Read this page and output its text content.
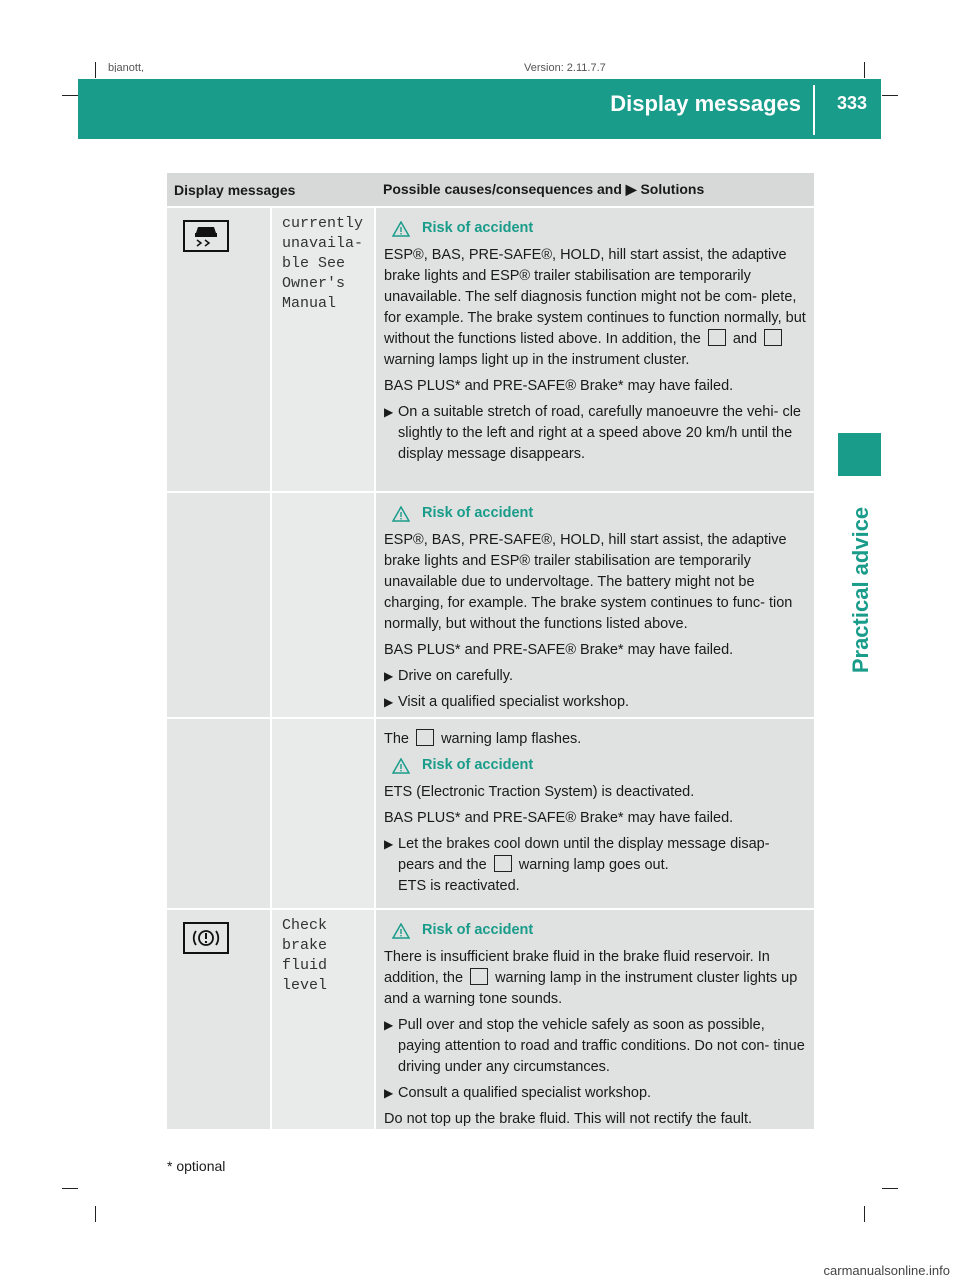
bjanott,	Version: 2.11.7.7
Display messages 333
Practical advice
Display messages	Possible causes/consequences and ▶ Solutions
currently
unavaila‐
ble See
Owner's
Manual
Risk of accident

ESP®, BAS, PRE-SAFE®, HOLD, hill start assist, the adaptive brake lights and ESP® trailer stabilisation are temporarily unavailable. The self diagnosis function might not be com- plete, for example. The brake system continues to function normally, but without the functions listed above. In addition, the and  warning lamps light up in the instrument cluster.

BAS PLUS* and PRE-SAFE® Brake* may have failed.

▶ On a suitable stretch of road, carefully manoeuvre the vehi- cle slightly to the left and right at a speed above 20 km/h until the display message disappears.
Risk of accident

ESP®, BAS, PRE-SAFE®, HOLD, hill start assist, the adaptive brake lights and ESP® trailer stabilisation are temporarily unavailable due to undervoltage. The battery might not be charging, for example. The brake system continues to func- tion normally, but without the functions listed above.

BAS PLUS* and PRE-SAFE® Brake* may have failed.

▶ Drive on carefully.
▶ Visit a qualified specialist workshop.

The warning lamp flashes.

Risk of accident

ETS (Electronic Traction System) is deactivated.

BAS PLUS* and PRE-SAFE® Brake* may have failed.

▶ Let the brakes cool down until the display message disap- pears and the warning lamp goes out.
ETS is reactivated.
Check
brake
fluid
level
Risk of accident

There is insufficient brake fluid in the brake fluid reservoir. In addition, the warning lamp in the instrument cluster lights up and a warning tone sounds.

▶ Pull over and stop the vehicle safely as soon as possible, paying attention to road and traffic conditions. Do not con- tinue driving under any circumstances.
▶ Consult a qualified specialist workshop.

Do not top up the brake fluid. This will not rectify the fault.

* optional
carmanualsonline.info
